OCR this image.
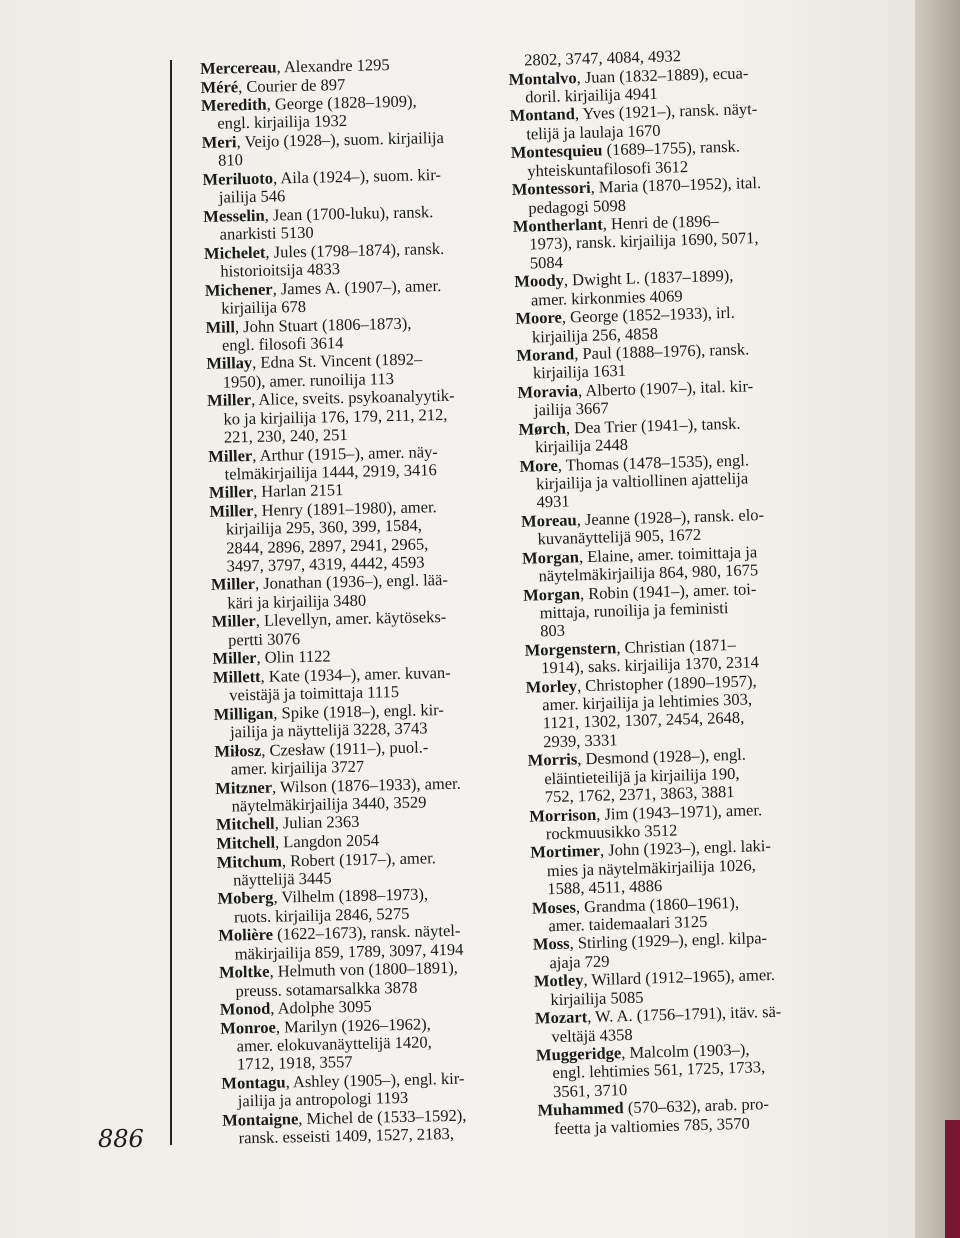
886
Mercereau, Alexandre 1295
Méré, Courier de 897
Meredith, George (1828–1909),
engl. kirjailija 1932
Meri, Veijo (1928–), suom. kirjailija
810
Meriluoto, Aila (1924–), suom. kir-
jailija 546
Messelin, Jean (1700-luku), ransk.
anarkisti 5130
Michelet, Jules (1798–1874), ransk.
historioitsija 4833
Michener, James A. (1907–), amer.
kirjailija 678
Mill, John Stuart (1806–1873),
engl. filosofi 3614
Millay, Edna St. Vincent (1892–
1950), amer. runoilija 113
Miller, Alice, sveits. psykoanalyytik-
ko ja kirjailija 176, 179, 211, 212,
221, 230, 240, 251
Miller, Arthur (1915–), amer. näy-
telmäkirjailija 1444, 2919, 3416
Miller, Harlan 2151
Miller, Henry (1891–1980), amer.
kirjailija 295, 360, 399, 1584,
2844, 2896, 2897, 2941, 2965,
3497, 3797, 4319, 4442, 4593
Miller, Jonathan (1936–), engl. lää-
käri ja kirjailija 3480
Miller, Llevellyn, amer. käytöseks-
pertti 3076
Miller, Olin 1122
Millett, Kate (1934–), amer. kuvan-
veistäjä ja toimittaja 1115
Milligan, Spike (1918–), engl. kir-
jailija ja näyttelijä 3228, 3743
Miłosz, Czesław (1911–), puol.-
amer. kirjailija 3727
Mitzner, Wilson (1876–1933), amer.
näytelmäkirjailija 3440, 3529
Mitchell, Julian 2363
Mitchell, Langdon 2054
Mitchum, Robert (1917–), amer.
näyttelijä 3445
Moberg, Vilhelm (1898–1973),
ruots. kirjailija 2846, 5275
Molière (1622–1673), ransk. näytel-
mäkirjailija 859, 1789, 3097, 4194
Moltke, Helmuth von (1800–1891),
preuss. sotamarsalkka 3878
Monod, Adolphe 3095
Monroe, Marilyn (1926–1962),
amer. elokuvanäyttelijä 1420,
1712, 1918, 3557
Montagu, Ashley (1905–), engl. kir-
jailija ja antropologi 1193
Montaigne, Michel de (1533–1592),
ransk. esseisti 1409, 1527, 2183,
2802, 3747, 4084, 4932
Montalvo, Juan (1832–1889), ecua-
doril. kirjailija 4941
Montand, Yves (1921–), ransk. näyt-
telijä ja laulaja 1670
Montesquieu (1689–1755), ransk.
yhteiskuntafilosofi 3612
Montessori, Maria (1870–1952), ital.
pedagogi 5098
Montherlant, Henri de (1896–
1973), ransk. kirjailija 1690, 5071,
5084
Moody, Dwight L. (1837–1899),
amer. kirkonmies 4069
Moore, George (1852–1933), irl.
kirjailija 256, 4858
Morand, Paul (1888–1976), ransk.
kirjailija 1631
Moravia, Alberto (1907–), ital. kir-
jailija 3667
Mørch, Dea Trier (1941–), tansk.
kirjailija 2448
More, Thomas (1478–1535), engl.
kirjailija ja valtiollinen ajattelija
4931
Moreau, Jeanne (1928–), ransk. elo-
kuvanäyttelijä 905, 1672
Morgan, Elaine, amer. toimittaja ja
näytelmäkirjailija 864, 980, 1675
Morgan, Robin (1941–), amer. toi-
mittaja, runoilija ja feministi
803
Morgenstern, Christian (1871–
1914), saks. kirjailija 1370, 2314
Morley, Christopher (1890–1957),
amer. kirjailija ja lehtimies 303,
1121, 1302, 1307, 2454, 2648,
2939, 3331
Morris, Desmond (1928–), engl.
eläintieteilijä ja kirjailija 190,
752, 1762, 2371, 3863, 3881
Morrison, Jim (1943–1971), amer.
rockmuusikko 3512
Mortimer, John (1923–), engl. laki-
mies ja näytelmäkirjailija 1026,
1588, 4511, 4886
Moses, Grandma (1860–1961),
amer. taidemaalari 3125
Moss, Stirling (1929–), engl. kilpa-
ajaja 729
Motley, Willard (1912–1965), amer.
kirjailija 5085
Mozart, W. A. (1756–1791), itäv. sä-
veltäjä 4358
Muggeridge, Malcolm (1903–),
engl. lehtimies 561, 1725, 1733,
3561, 3710
Muhammed (570–632), arab. pro-
feetta ja valtiomies 785, 3570
